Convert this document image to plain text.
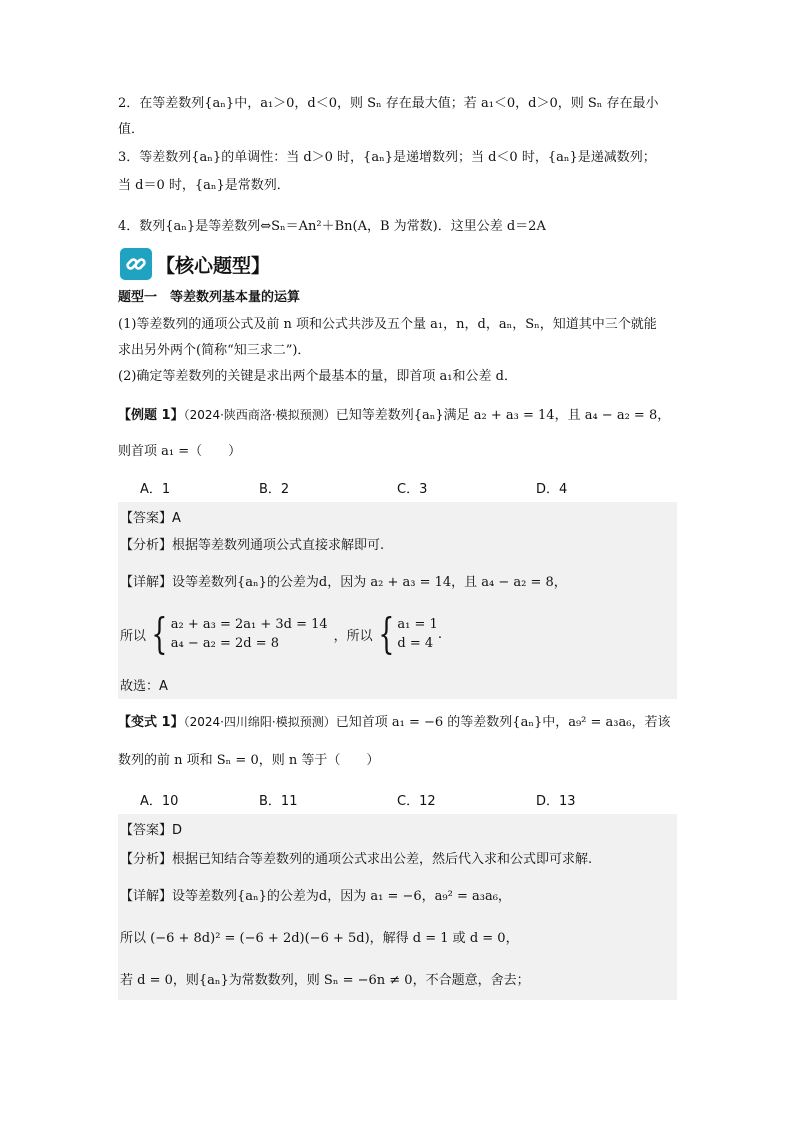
2．在等差数列{aₙ}中，a₁＞0，d＜0，则 Sₙ 存在最大值；若 a₁＜0，d＞0，则 Sₙ 存在最小
值．
3．等差数列{aₙ}的单调性：当 d＞0 时，{aₙ}是递增数列；当 d＜0 时，{aₙ}是递减数列；
当 d＝0 时，{aₙ}是常数列．
4．数列{aₙ}是等差数列⇔Sₙ＝An²＋Bn(A，B 为常数)．这里公差 d＝2A
【核心题型】
题型一　等差数列基本量的运算
(1)等差数列的通项公式及前 n 项和公式共涉及五个量 a₁，n，d，aₙ，Sₙ，知道其中三个就能
求出另外两个(简称“知三求二”)．
(2)确定等差数列的关键是求出两个最基本的量，即首项 a₁和公差 d．
【例题 1】（2024·陕西商洛·模拟预测）已知等差数列{aₙ}满足 a₂ + a₃ = 14，且 a₄ − a₂ = 8，
则首项 a₁ =（　　）
A．1	B．2	C．3	D．4
【答案】A
【分析】根据等差数列通项公式直接求解即可.
【详解】设等差数列{aₙ}的公差为d，因为 a₂ + a₃ = 14，且 a₄ − a₂ = 8，
所以 { a₂ + a₃ = 2a₁ + 3d = 14
a₄ − a₂ = 2d = 8	，所以 { a₁ = 1
d = 4
.
故选：A
【变式 1】（2024·四川绵阳·模拟预测）已知首项 a₁ = −6 的等差数列{aₙ}中，a₉² = a₃a₆，若该
数列的前 n 项和 Sₙ = 0，则 n 等于（　　）
A．10	B．11	C．12	D．13
【答案】D
【分析】根据已知结合等差数列的通项公式求出公差，然后代入求和公式即可求解.
【详解】设等差数列{aₙ}的公差为d，因为 a₁ = −6，a₉² = a₃a₆，
所以 (−6 + 8d)² = (−6 + 2d)(−6 + 5d)，解得 d = 1 或 d = 0，
若 d = 0，则{aₙ}为常数数列，则 Sₙ = −6n ≠ 0，不合题意，舍去；
